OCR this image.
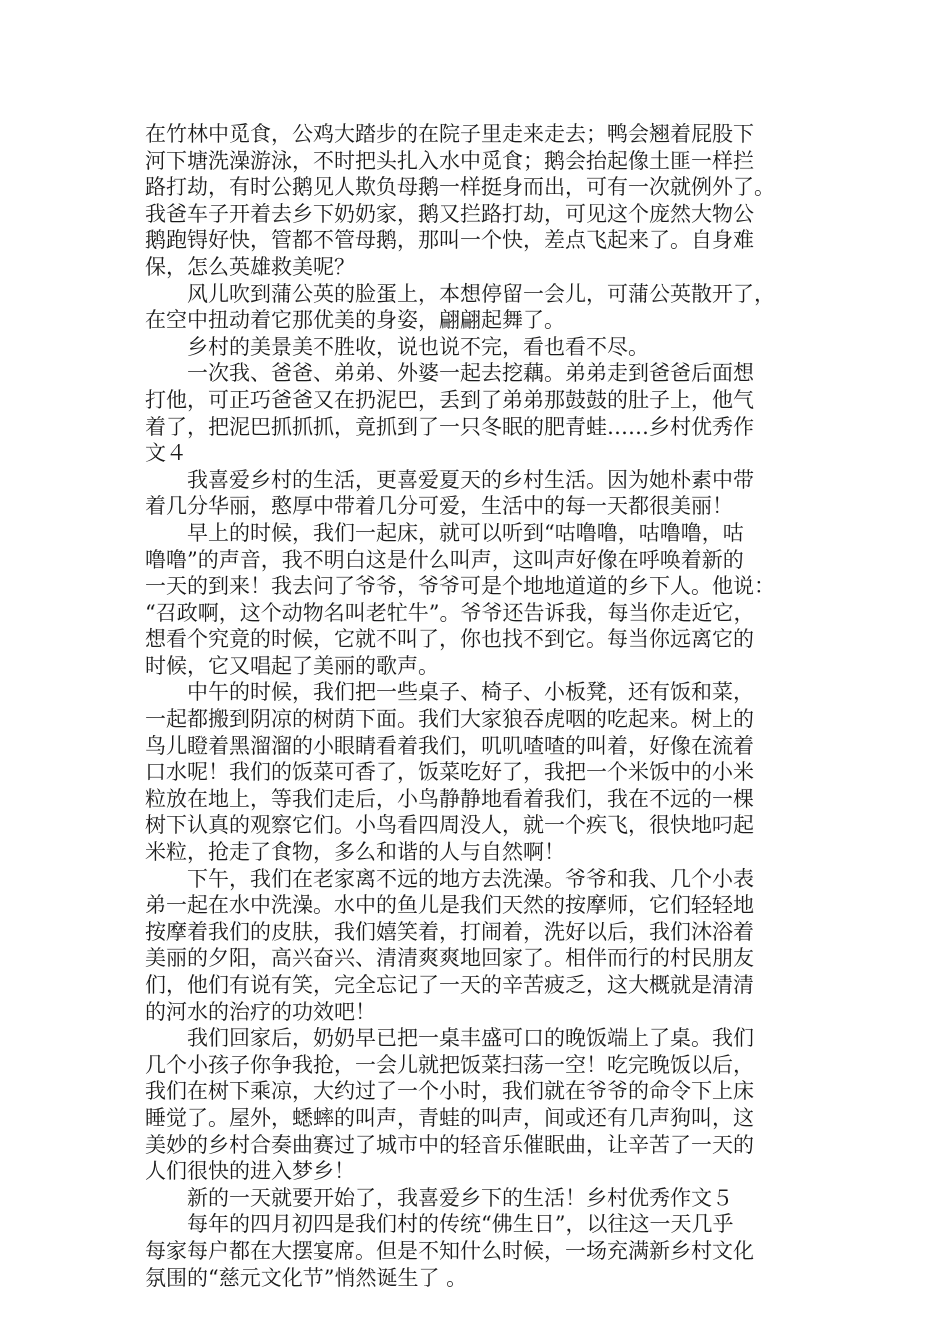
在竹林中觅食，公鸡大踏步的在院子里走来走去；鸭会翘着屁股下
河下塘洗澡游泳，不时把头扎入水中觅食；鹅会抬起像土匪一样拦
路打劫，有时公鹅见人欺负母鹅一样挺身而出，可有一次就例外了。
我爸车子开着去乡下奶奶家，鹅又拦路打劫，可见这个庞然大物公
鹅跑锝好快，管都不管母鹅，那叫一个快，差点飞起来了。自身难
保，怎么英雄救美呢？
风儿吹到蒲公英的脸蛋上，本想停留一会儿，可蒲公英散开了，
在空中扭动着它那优美的身姿，翩翩起舞了。
乡村的美景美不胜收，说也说不完，看也看不尽。
一次我、爸爸、弟弟、外婆一起去挖藕。弟弟走到爸爸后面想
打他，可正巧爸爸又在扔泥巴，丢到了弟弟那鼓鼓的肚子上，他气
着了，把泥巴抓抓抓，竟抓到了一只冬眠的肥青蛙……乡村优秀作
文４
我喜爱乡村的生活，更喜爱夏天的乡村生活。因为她朴素中带
着几分华丽，憨厚中带着几分可爱，生活中的每一天都很美丽！
早上的时候，我们一起床，就可以听到“咕噜噜，咕噜噜，咕
噜噜”的声音，我不明白这是什么叫声，这叫声好像在呼唤着新的
一天的到来！我去问了爷爷，爷爷可是个地地道道的乡下人。他说：
“召政啊，这个动物名叫老牤牛”。爷爷还告诉我，每当你走近它，
想看个究竟的时候，它就不叫了，你也找不到它。每当你远离它的
时候，它又唱起了美丽的歌声。
中午的时候，我们把一些桌子、椅子、小板凳，还有饭和菜，
一起都搬到阴凉的树荫下面。我们大家狼吞虎咽的吃起来。树上的
鸟儿瞪着黑溜溜的小眼睛看着我们，叽叽喳喳的叫着，好像在流着
口水呢！我们的饭菜可香了，饭菜吃好了，我把一个米饭中的小米
粒放在地上，等我们走后，小鸟静静地看着我们，我在不远的一棵
树下认真的观察它们。小鸟看四周没人，就一个疾飞，很快地叼起
米粒，抢走了食物，多么和谐的人与自然啊！
下午，我们在老家离不远的地方去洗澡。爷爷和我、几个小表
弟一起在水中洗澡。水中的鱼儿是我们天然的按摩师，它们轻轻地
按摩着我们的皮肤，我们嬉笑着，打闹着，洗好以后，我们沐浴着
美丽的夕阳，高兴奋兴、清清爽爽地回家了。相伴而行的村民朋友
们，他们有说有笑，完全忘记了一天的辛苦疲乏，这大概就是清清
的河水的治疗的功效吧！
我们回家后，奶奶早已把一桌丰盛可口的晚饭端上了桌。我们
几个小孩子你争我抢，一会儿就把饭菜扫荡一空！吃完晚饭以后，
我们在树下乘凉，大约过了一个小时，我们就在爷爷的命令下上床
睡觉了。屋外，蟋蟀的叫声，青蛙的叫声，间或还有几声狗叫，这
美妙的乡村合奏曲赛过了城市中的轻音乐催眠曲，让辛苦了一天的
人们很快的进入梦乡！
新的一天就要开始了，我喜爱乡下的生活！乡村优秀作文５
每年的四月初四是我们村的传统“佛生日”，以往这一天几乎
每家每户都在大摆宴席。但是不知什么时候，一场充满新乡村文化
氛围的“慈元文化节”悄然诞生了 。
